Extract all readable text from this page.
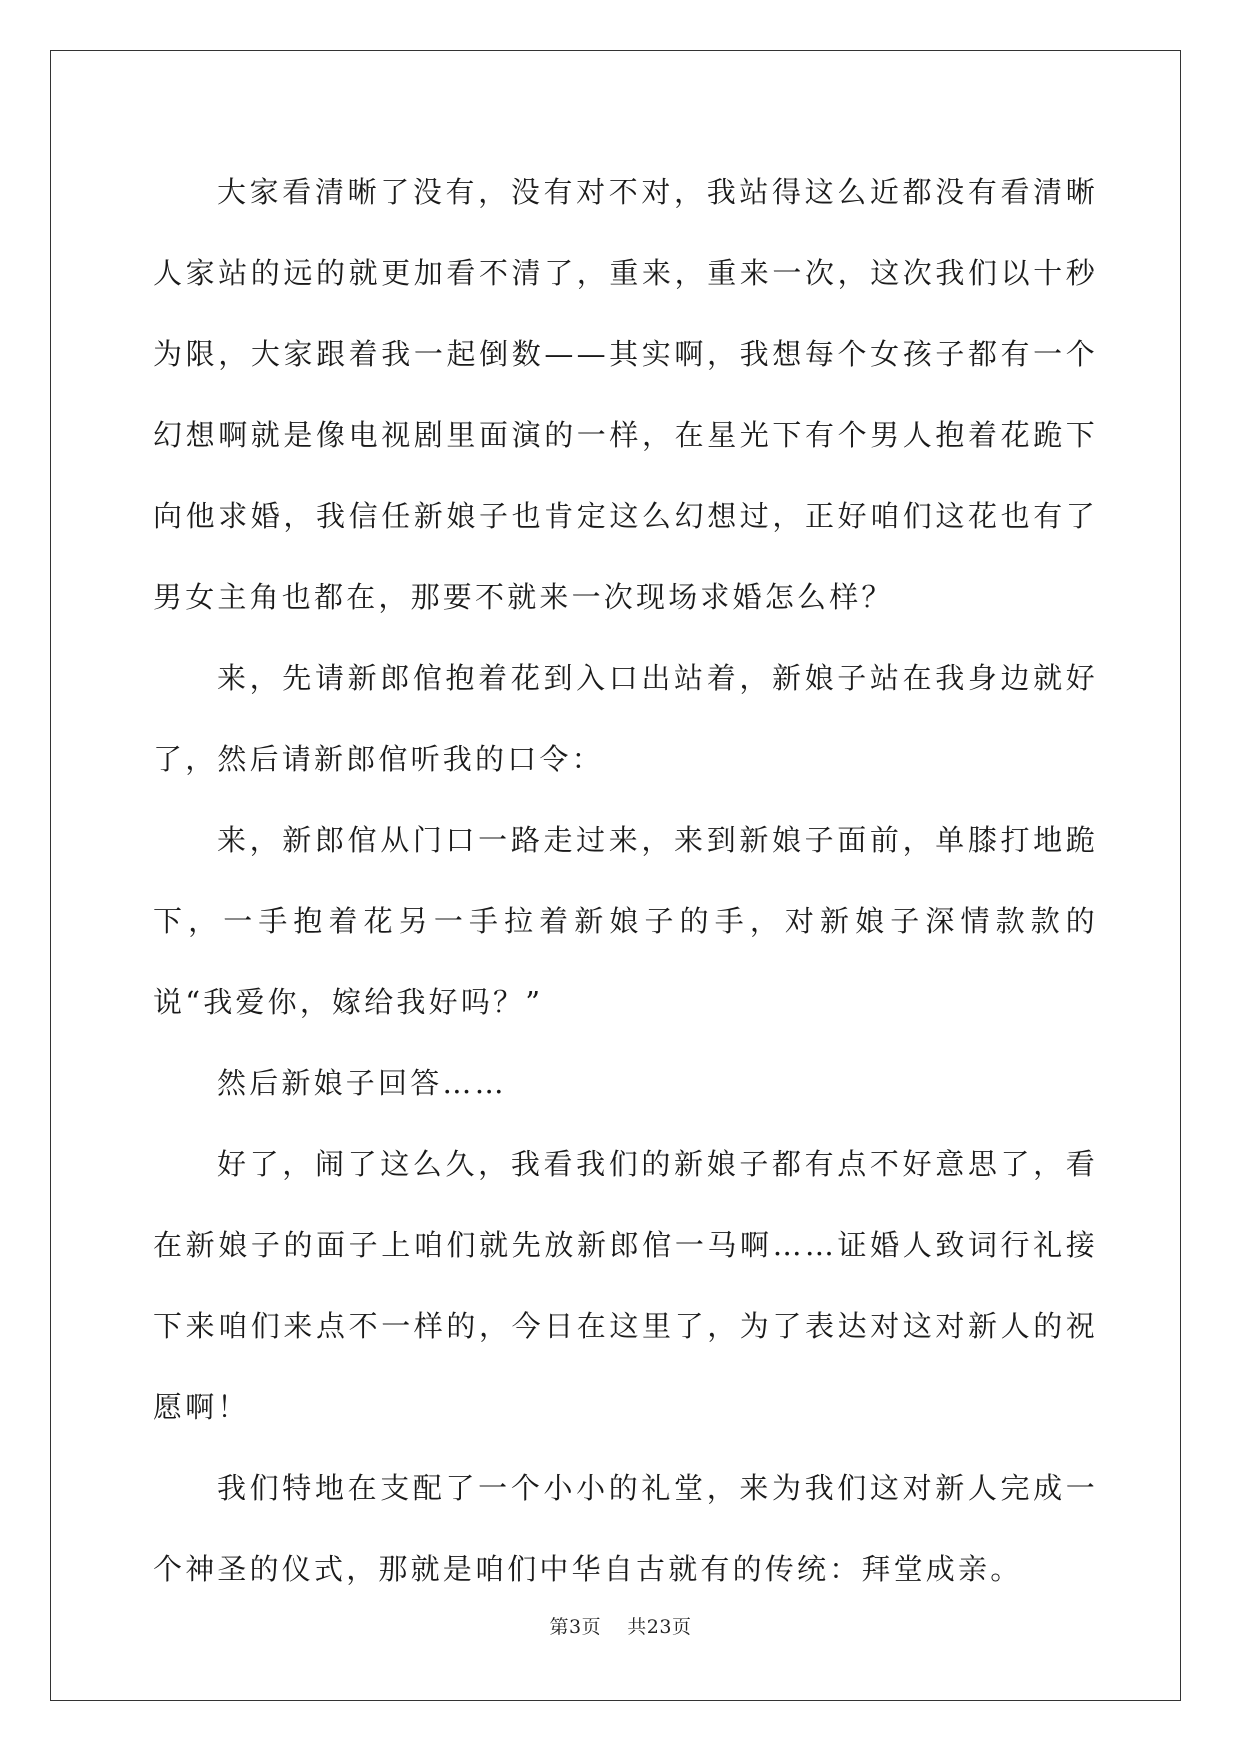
大家看清晰了没有，没有对不对，我站得这么近都没有看清晰人家站的远的就更加看不清了，重来，重来一次，这次我们以十秒为限，大家跟着我一起倒数——其实啊，我想每个女孩子都有一个幻想啊就是像电视剧里面演的一样，在星光下有个男人抱着花跪下向他求婚，我信任新娘子也肯定这么幻想过，正好咱们这花也有了男女主角也都在，那要不就来一次现场求婚怎么样？

来，先请新郎倌抱着花到入口出站着，新娘子站在我身边就好了，然后请新郎倌听我的口令：

来，新郎倌从门口一路走过来，来到新娘子面前，单膝打地跪下，一手抱着花另一手拉着新娘子的手，对新娘子深情款款的说“我爱你，嫁给我好吗？”

然后新娘子回答……

好了，闹了这么久，我看我们的新娘子都有点不好意思了，看在新娘子的面子上咱们就先放新郎倌一马啊……证婚人致词行礼接下来咱们来点不一样的，今日在这里了，为了表达对这对新人的祝愿啊！

我们特地在支配了一个小小的礼堂，来为我们这对新人完成一个神圣的仪式，那就是咱们中华自古就有的传统：拜堂成亲。

第3页 共23页
